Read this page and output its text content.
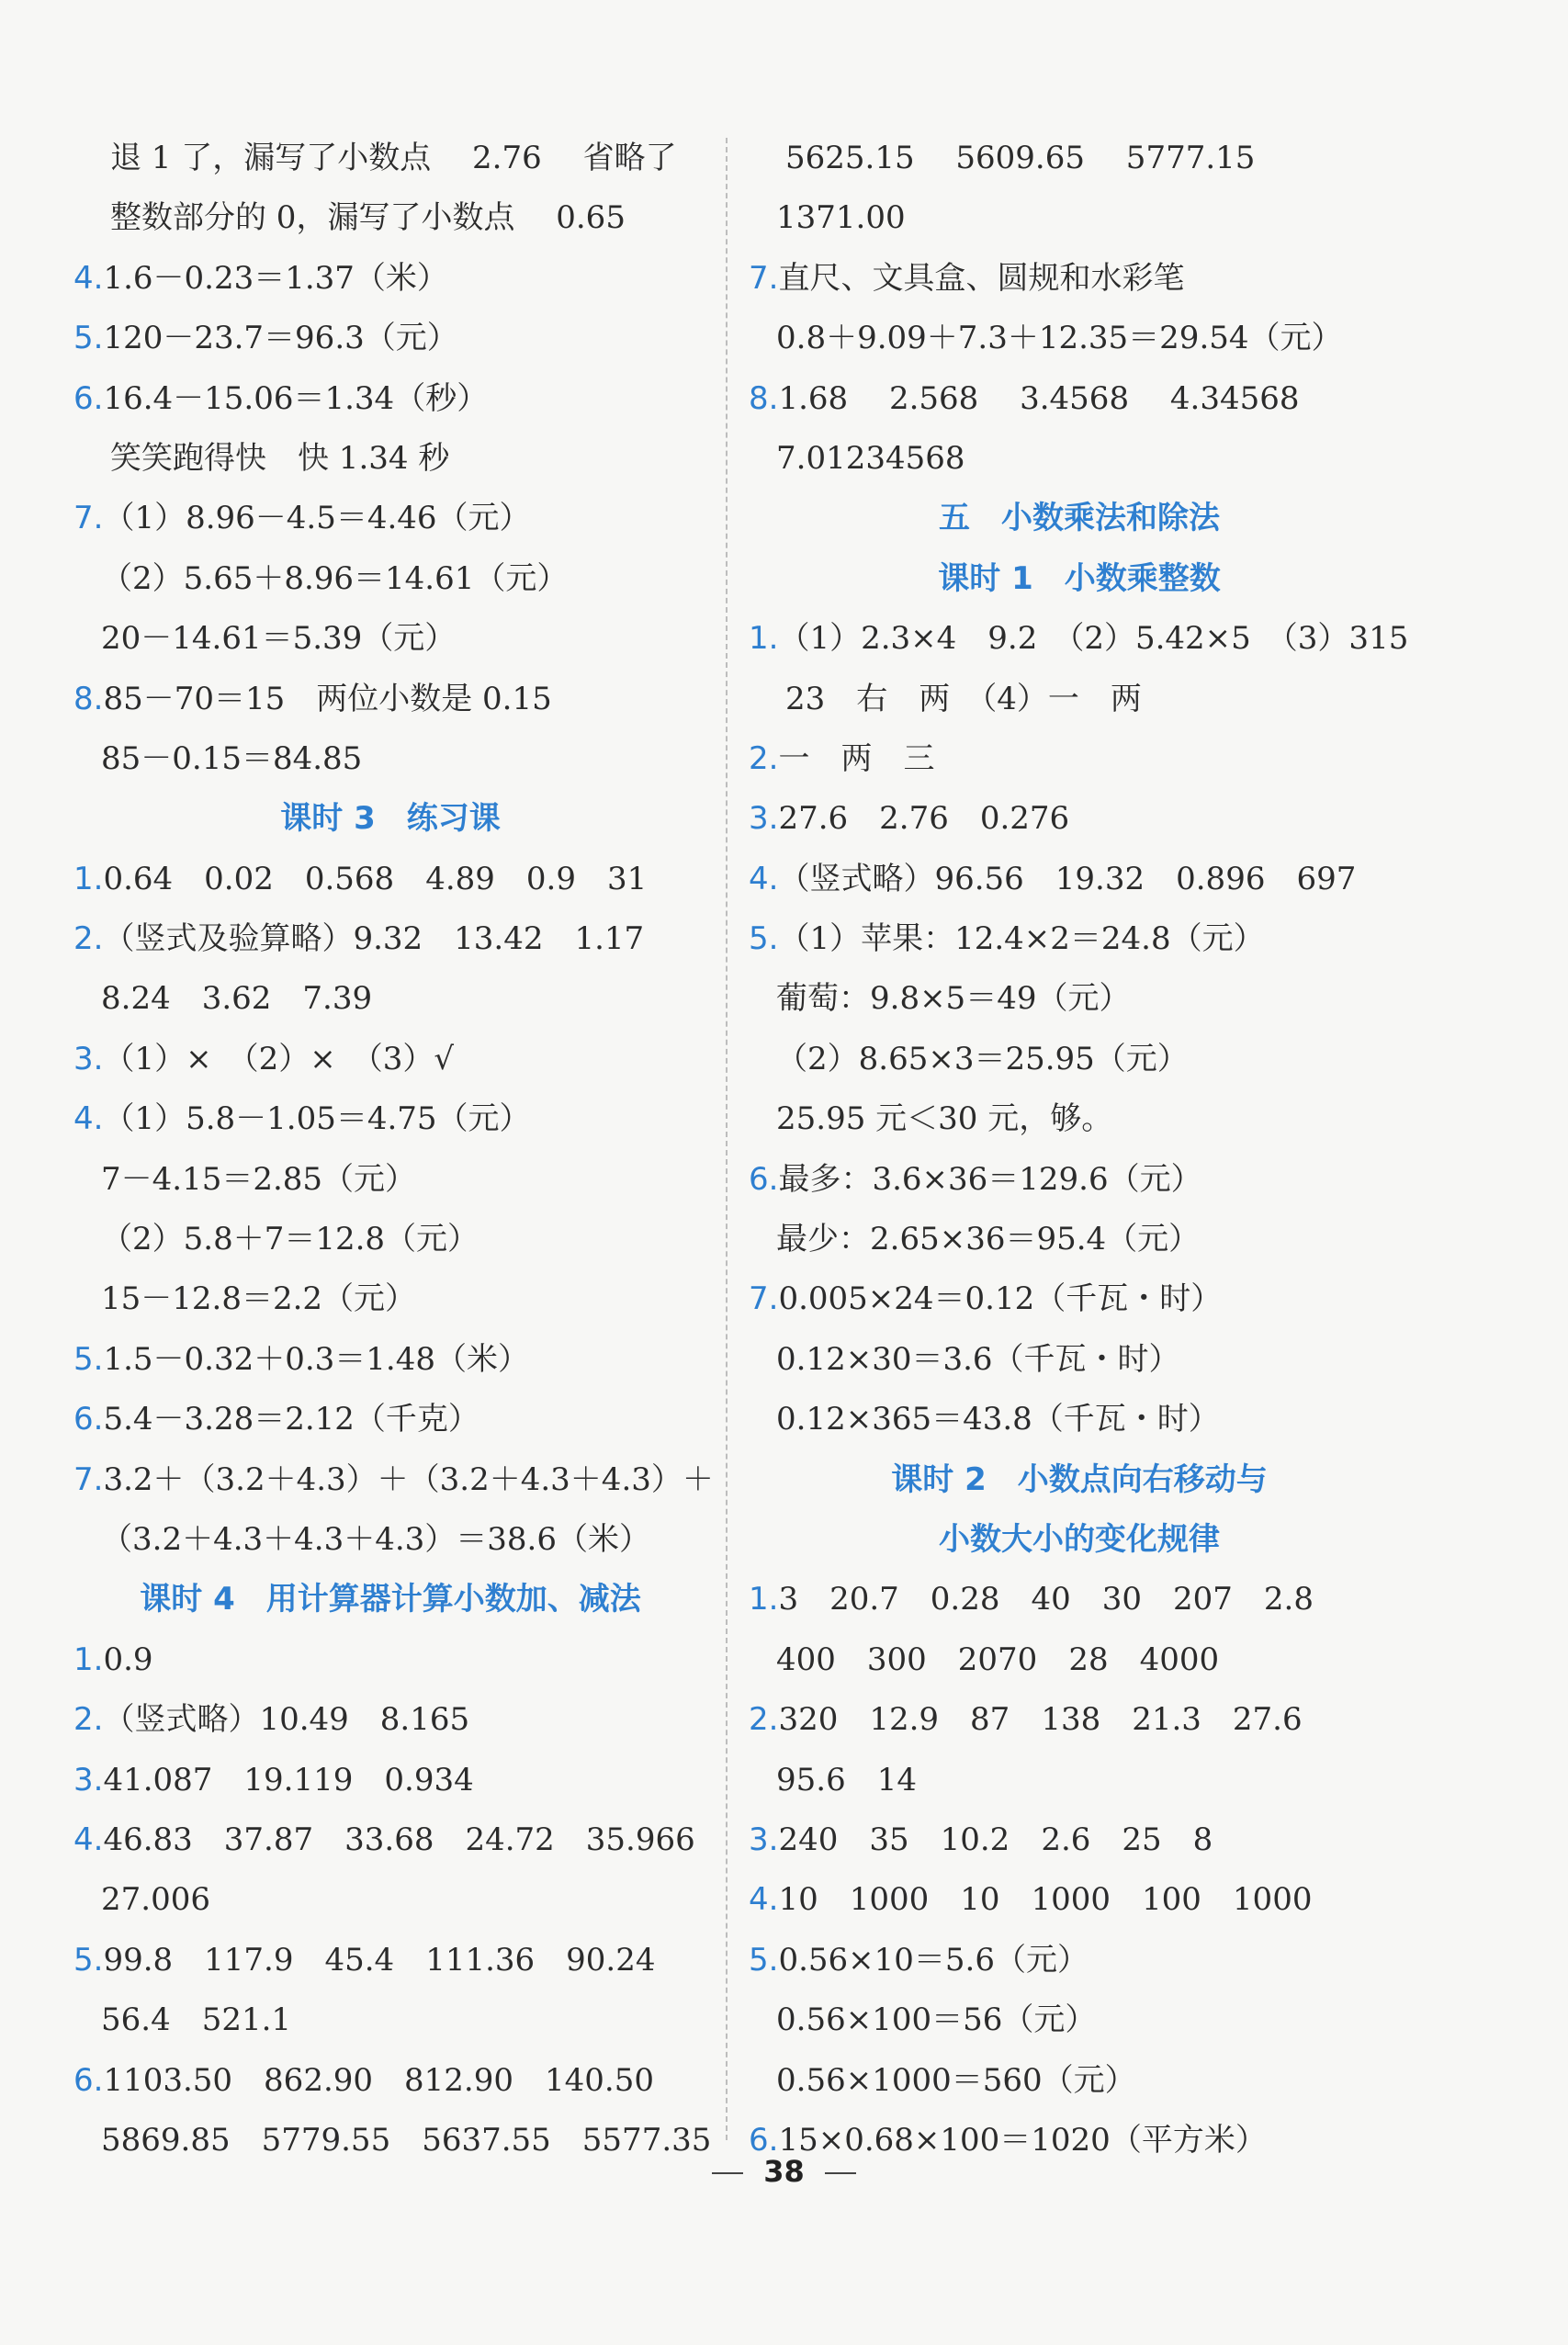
退 1 了，漏写了小数点　 2.76　 省略了
整数部分的 0，漏写了小数点　 0.65
4.1.6－0.23＝1.37（米）
5.120－23.7＝96.3（元）
6.16.4－15.06＝1.34（秒）
笑笑跑得快　快 1.34 秒
7.（1）8.96－4.5＝4.46（元）
（2）5.65＋8.96＝14.61（元）
20－14.61＝5.39（元）
8.85－70＝15　两位小数是 0.15
85－0.15＝84.85
课时 3　练习课
1.0.64　0.02　0.568　4.89　0.9　31
2.（竖式及验算略）9.32　13.42　1.17
8.24　3.62　7.39
3.（1）×　（2）×　（3）√
4.（1）5.8－1.05＝4.75（元）
7－4.15＝2.85（元）
（2）5.8＋7＝12.8（元）
15－12.8＝2.2（元）
5.1.5－0.32＋0.3＝1.48（米）
6.5.4－3.28＝2.12（千克）
7.3.2＋（3.2＋4.3）＋（3.2＋4.3＋4.3）＋
（3.2＋4.3＋4.3＋4.3）＝38.6（米）
课时 4　用计算器计算小数加、减法
1.0.9
2.（竖式略）10.49　8.165
3.41.087　19.119　0.934
4.46.83　37.87　33.68　24.72　35.966
27.006
5.99.8　117.9　45.4　111.36　90.24
56.4　521.1
6.1103.50　862.90　812.90　140.50
5869.85　5779.55　5637.55　5577.35
5625.15　 5609.65　 5777.15
1371.00
7.直尺、文具盒、圆规和水彩笔
0.8＋9.09＋7.3＋12.35＝29.54（元）
8.1.68　 2.568　 3.4568　 4.34568
7.01234568
五　小数乘法和除法
课时 1　小数乘整数
1.（1）2.3×4　9.2　（2）5.42×5　（3）315
23　右　两　（4）一　两
2.一　两　三
3.27.6　2.76　0.276
4.（竖式略）96.56　19.32　0.896　697
5.（1）苹果：12.4×2＝24.8（元）
葡萄：9.8×5＝49（元）
（2）8.65×3＝25.95（元）
25.95 元＜30 元，够。
6.最多：3.6×36＝129.6（元）
最少：2.65×36＝95.4（元）
7.0.005×24＝0.12（千瓦・时）
0.12×30＝3.6（千瓦・时）
0.12×365＝43.8（千瓦・时）
课时 2　小数点向右移动与
小数大小的变化规律
1.3　20.7　0.28　40　30　207　2.8
400　300　2070　28　4000
2.320　12.9　87　138　21.3　27.6
95.6　14
3.240　35　10.2　2.6　25　8
4.10　1000　10　1000　100　1000
5.0.56×10＝5.6（元）
0.56×100＝56（元）
0.56×1000＝560（元）
6.15×0.68×100＝1020（平方米）
38
